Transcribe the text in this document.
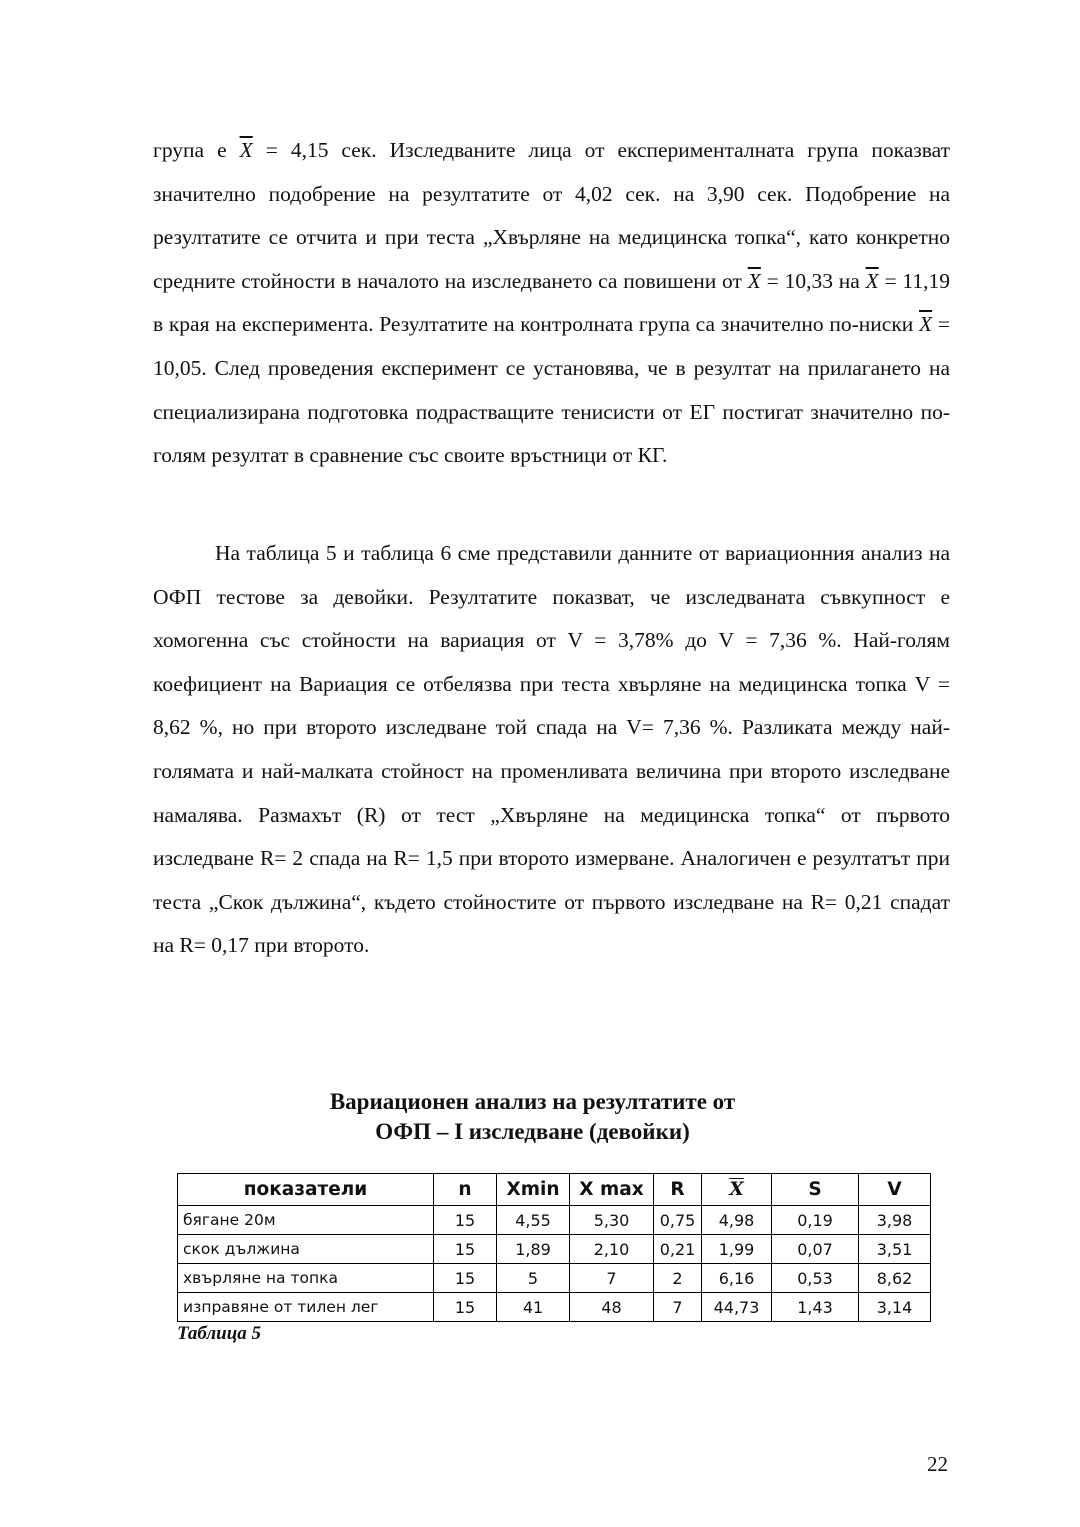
група е $\overline{X} = 4,15$ сек. Изследваните лица от експерименталната група показват значително подобрение на резултатите от 4,02 сек. на 3,90 сек. Подобрение на резултатите се отчита и при теста „Хвърляне на медицинска топка“, като конкретно средните стойности в началото на изследването са повишени от $\overline{X} = 10,33$ на $\overline{X} = 11,19$ в края на експеримента. Резултатите на контролната група са значително по-ниски $\overline{X} = 10,05$. След проведения експеримент се установява, че в резултат на прилагането на специализирана подготовка подрастващите тенисисти от ЕГ постигат значително по-голям резултат в сравнение със своите връстници от КГ.

На таблица 5 и таблица 6 сме представили данните от вариационния анализ на ОФП тестове за девойки. Резултатите показват, че изследваната съвкупност е хомогенна със стойности на вариация от V = 3,78% до V = 7,36 %. Най-голям коефициент на Вариация се отбелязва при теста хвърляне на медицинска топка V = 8,62 %, но при второто изследване той спада на V= 7,36 %. Разликата между най-голямата и най-малката стойност на променливата величина при второто изследване намалява. Размахът (R) от тест „Хвърляне на медицинска топка“ от първото изследване R= 2 спада на R= 1,5 при второто измерване. Аналогичен е резултатът при теста „Скок дължина“, където стойностите от първото изследване на R= 0,21 спадат на R= 0,17 при второто.

Вариационен анализ на резултатите от
ОФП – I изследване (девойки)
показатели	n	Xmin	X max	R	$\overline{X}$	S	V
бягане 20м	15	4,55	5,30	0,75	4,98	0,19	3,98
скок дължина	15	1,89	2,10	0,21	1,99	0,07	3,51
хвърляне на топка	15	5	7	2	6,16	0,53	8,62
изправяне от тилен лег	15	41	48	7	44,73	1,43	3,14
Таблица 5
22
